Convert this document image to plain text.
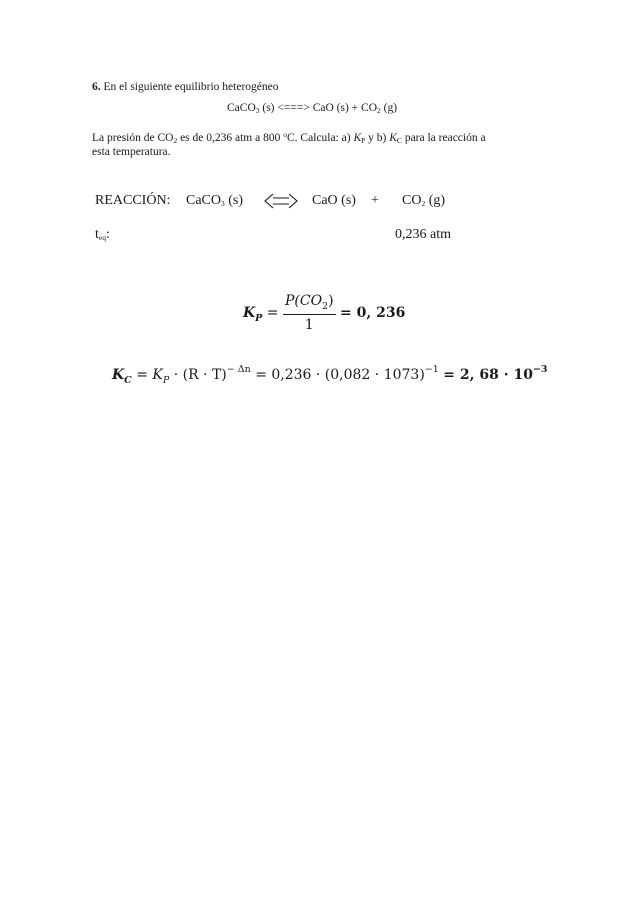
6. En el siguiente equilibrio heterogéneo
CaCO$_3$ (s) <===> CaO $(s) + CO_2$ (g)
La presión de $CO_2$ es de 0,236 atm a 800 $^o$C. Calcula: a) $K_P$ y b) $K_C$ para la reacción a
esta temperatura.
REACCIÓN: CaCO$_3$ (s)	CaO $(s) + CO_2$ (g)
$t_{eq}$:	0,236 atm
$K_P = \frac{P(CO_2)}{1} = 0$, 236
$K_C = K_P \cdot (R \cdot T)^{- \Delta n} = 0,236 \cdot (0,082 \cdot 1073)^{-1} = 2$, $68 \cdot 10^{-3}$
